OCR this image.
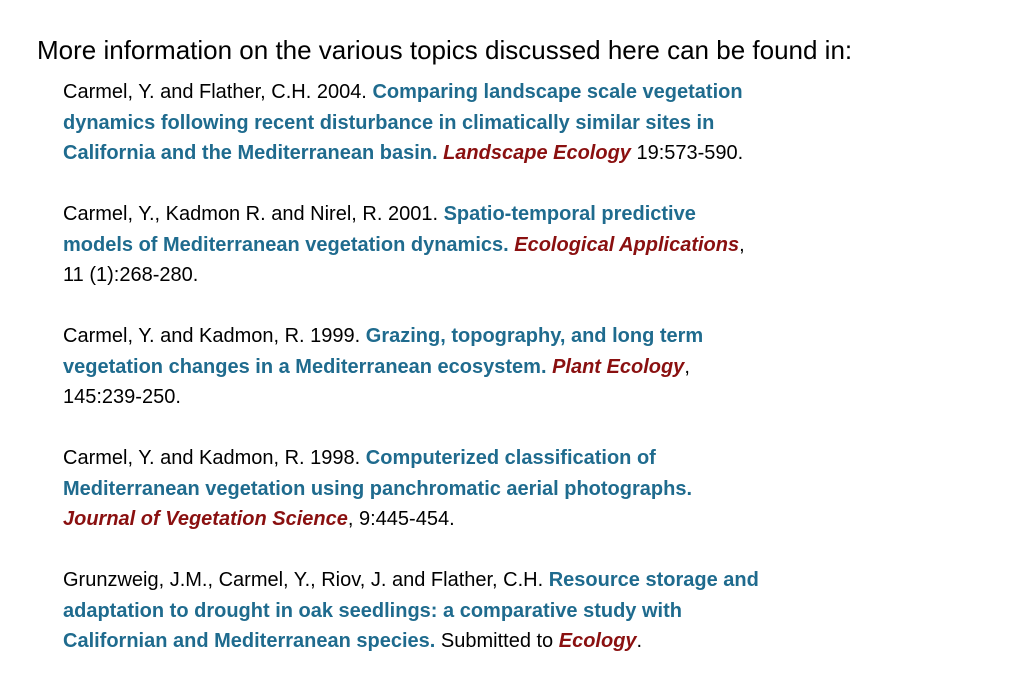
More information on the various topics discussed here can be found in:
Carmel, Y. and Flather, C.H. 2004. Comparing landscape scale vegetation
dynamics following recent disturbance in climatically similar sites in
California and the Mediterranean basin. Landscape Ecology 19:573-590.
Carmel, Y., Kadmon R. and Nirel, R. 2001. Spatio-temporal predictive
models of Mediterranean vegetation dynamics. Ecological Applications,
11 (1):268-280.
Carmel, Y. and Kadmon, R. 1999. Grazing, topography, and long term
vegetation changes in a Mediterranean ecosystem. Plant Ecology,
145:239-250.
Carmel, Y. and Kadmon, R. 1998. Computerized classification of
Mediterranean vegetation using panchromatic aerial photographs.
Journal of Vegetation Science, 9:445-454.
Grunzweig, J.M., Carmel, Y., Riov, J. and Flather, C.H. Resource storage and
adaptation to drought in oak seedlings: a comparative study with
Californian and Mediterranean species. Submitted to Ecology.
